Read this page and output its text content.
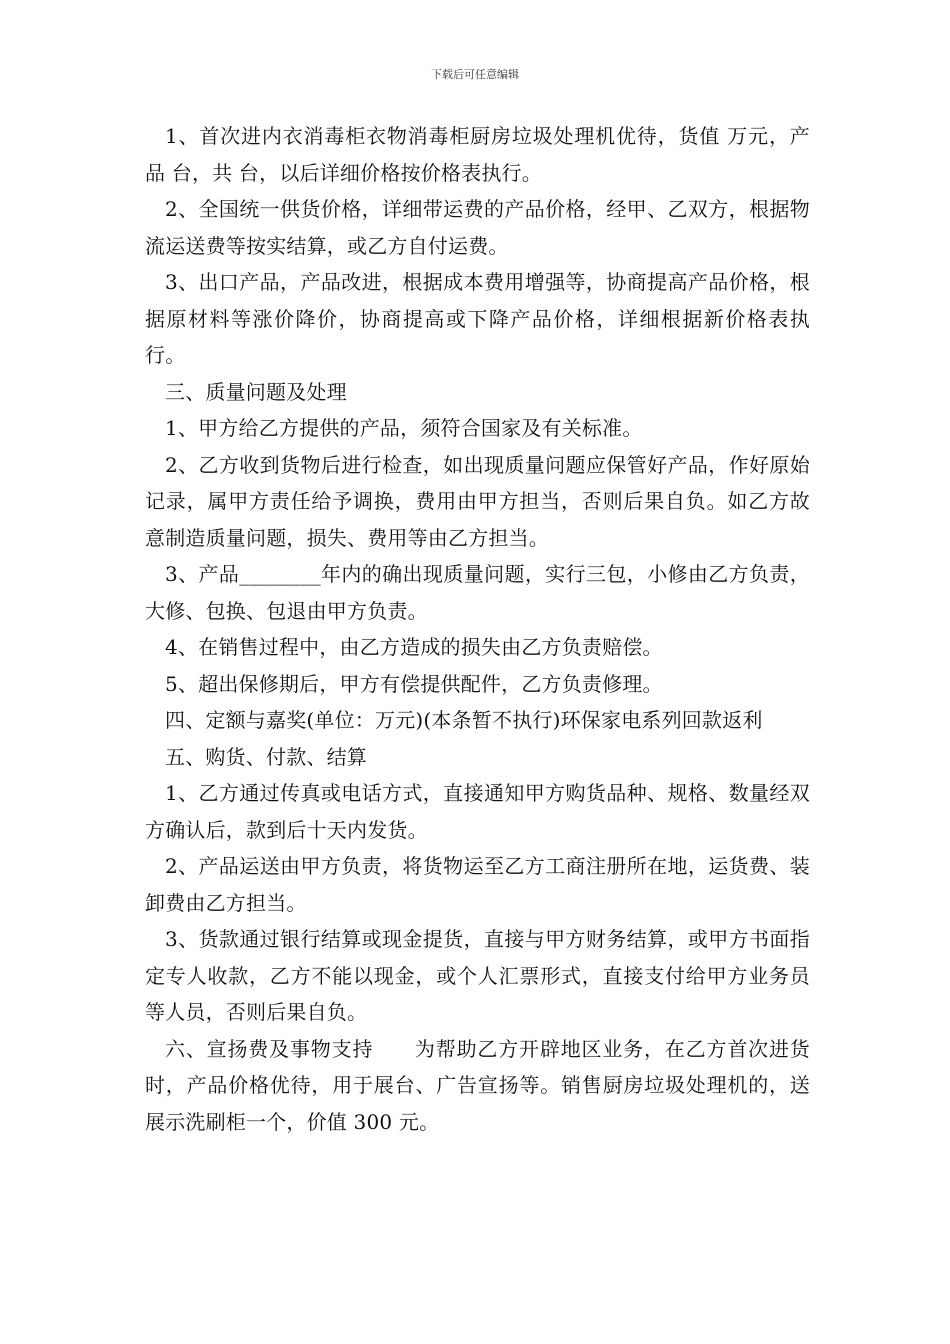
下载后可任意编辑

1、首次进内衣消毒柜衣物消毒柜厨房垃圾处理机优待，货值 万元，产品 台，共 台，以后详细价格按价格表执行。

2、全国统一供货价格，详细带运费的产品价格，经甲、乙双方，根据物流运送费等按实结算，或乙方自付运费。

3、出口产品，产品改进，根据成本费用增强等，协商提高产品价格，根据原材料等涨价降价，协商提高或下降产品价格，详细根据新价格表执行。

三、质量问题及处理

1、甲方给乙方提供的产品，须符合国家及有关标准。

2、乙方收到货物后进行检查，如出现质量问题应保管好产品，作好原始记录，属甲方责任给予调换，费用由甲方担当，否则后果自负。如乙方故意制造质量问题，损失、费用等由乙方担当。

3、产品________年内的确出现质量问题，实行三包，小修由乙方负责，大修、包换、包退由甲方负责。

4、在销售过程中，由乙方造成的损失由乙方负责赔偿。

5、超出保修期后，甲方有偿提供配件，乙方负责修理。

四、定额与嘉奖(单位：万元)(本条暂不执行)环保家电系列回款返利

五、购货、付款、结算

1、乙方通过传真或电话方式，直接通知甲方购货品种、规格、数量经双方确认后，款到后十天内发货。

2、产品运送由甲方负责，将货物运至乙方工商注册所在地，运货费、装卸费由乙方担当。

3、货款通过银行结算或现金提货，直接与甲方财务结算，或甲方书面指定专人收款，乙方不能以现金，或个人汇票形式，直接支付给甲方业务员等人员，否则后果自负。

六、宣扬费及事物支持　　为帮助乙方开辟地区业务，在乙方首次进货时，产品价格优待，用于展台、广告宣扬等。销售厨房垃圾处理机的，送展示洗刷柜一个，价值 300 元。
